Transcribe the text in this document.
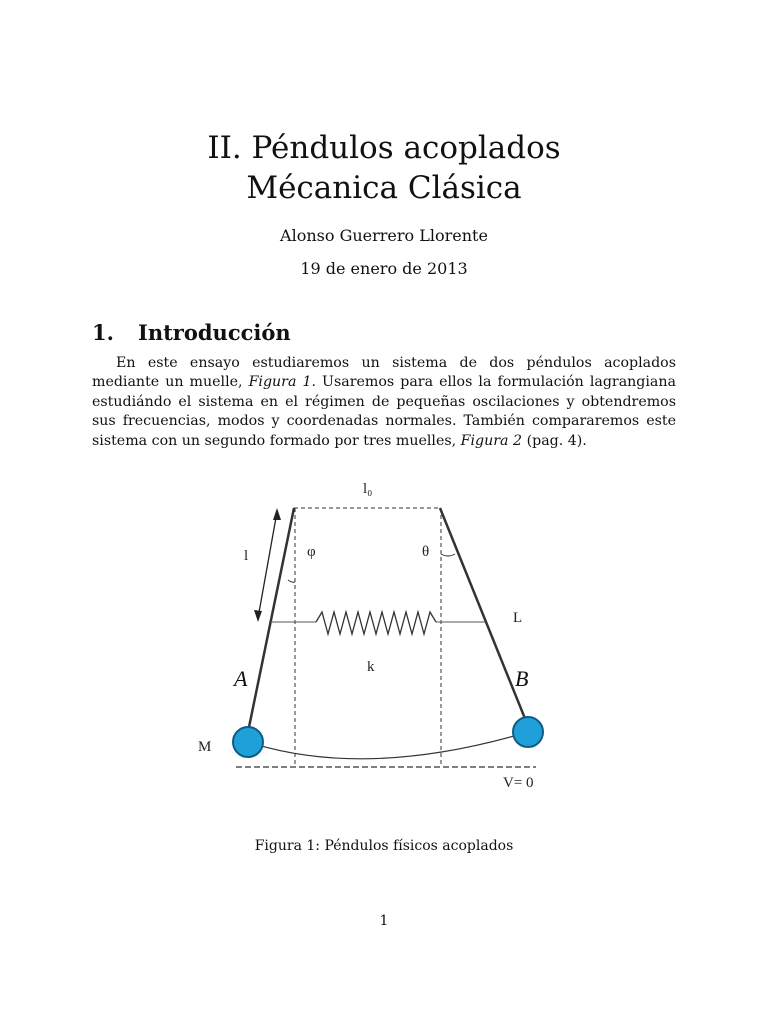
II. Péndulos acoplados
Mécanica Clásica
Alonso Guerrero Llorente
19 de enero de 2013
1. Introducción

En este ensayo estudiaremos un sistema de dos péndulos acoplados mediante un muelle, Figura 1. Usaremos para ellos la formulación lagrangiana estudiándo el sistema en el régimen de pequeñas oscilaciones y obtendremos sus frecuencias, modos y coordenadas normales. También compararemos este sistema con un segundo formado por tres muelles, Figura 2 (pag. 4).

l₀
l	φ	θ
L
k
A	B
M
V= 0
Figura 1: Péndulos físicos acoplados
1
